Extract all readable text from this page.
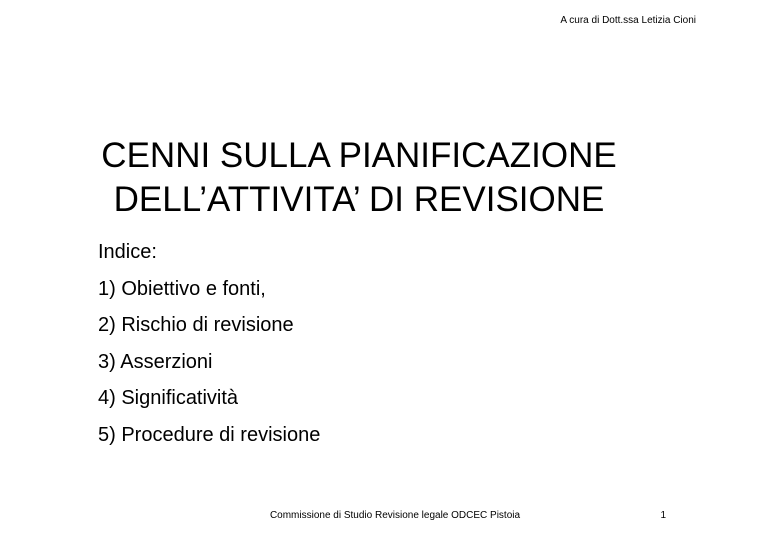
A cura di Dott.ssa Letizia Cioni
CENNI SULLA PIANIFICAZIONE
DELL’ATTIVITA’ DI REVISIONE
Indice:
1) Obiettivo e fonti,
2) Rischio di revisione
3) Asserzioni
4) Significatività
5) Procedure di revisione
Commissione di Studio Revisione legale ODCEC Pistoia	1
